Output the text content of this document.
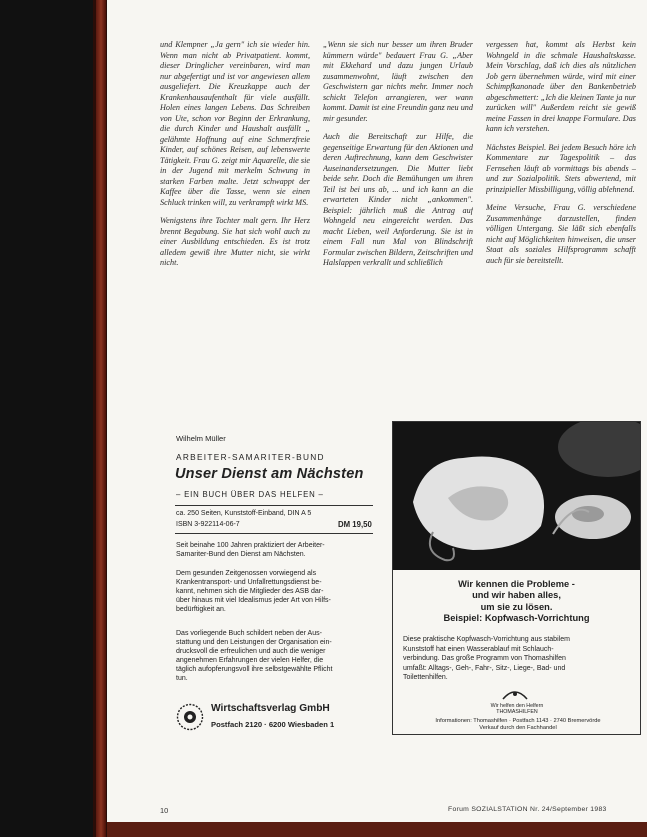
und Klempner „Ja gern" ich sie wieder hin. Wenn man nicht ab Privatpatient. kommt, dieser Dringlicher vereinbaren, wird man nur abgefertigt und ist vor angewiesen allem ausgeliefert. Die Kreuzkappe auch der Krankenhausaufenthalt für viele ausfällt. Holen eines langen Lebens. Das Schreiben von Ute, schon vor Beginn der Erkrankung, die durch Kinder und Haushalt ausfällt „ gelähmte Hoffnung auf eine Schmerzfreie Kinder, auf schönes Reisen, auf lebenswerte Tätigkeit. Frau G. zeigt mir Aquarelle, die sie in der Jugend mit merkelm Schwung in starken Farben malte. Jetzt schwappt der Kaffee über die Tasse, wenn sie einen Schluck trinken will, zu verkrampft wirkt MS.

Wenigstens ihre Tochter malt gern. Ihr Herz brennt Begabung. Sie hat sich wohl auch zu einer Ausbildung entschieden. Es ist trotz alledem gewiß ihre Mutter nicht, sie wirkt nicht.

„Wenn sie sich nur besser um ihren Bruder kümmern würde" bedauert Frau G. „Aber mit Ekkehard und dazu jungen Urlaub zusammenwohnt, läuft zwischen den Geschwistern gar nichts mehr. Immer noch schickt Telefon arrangieren, wer wann kommt. Damit ist eine Freundin ganz neu und mir gesunder.

Auch die Bereitschaft zur Hilfe, die gegenseitige Erwartung für den Aktionen und deren Auftrechnung, kann dem Geschwister Auseinandersetzungen. Die Mutter liebt beide sehr. Doch die Bemühungen um ihren Teil ist bei uns ab, ... und ich kann an die erwarteten Kinder nicht „ankommen". Beispiel: jährlich muß die Antrag auf Wohngeld neu eingereicht werden. Das macht Lieben, weil Anforderung. Sie ist in einem Fall nun Mal von Blindschrift Formular zwischen Bildern, Zeitschriften und Halslappen verkrallt und schließlich

vergessen hat, kommt als Herbst kein Wohngeld in die schmale Haushaltskasse. Mein Vorschlag, daß ich dies als nützlichen Job gern übernehmen würde, wird mit einer Schimpfkanonade über den Bankenbetrieb abgeschmettert: „Ich die kleinen Tante ja nur zurücken will" Außerdem reicht sie gewiß meine Fassen in drei knappe Formulare. Das kann ich verstehen.

Nächstes Beispiel. Bei jedem Besuch höre ich Kommentare zur Tagespolitik – das Fernsehen läuft ab vormittags bis abends – und zur Sozialpolitik. Stets abwertend, mit prinzipieller Missbilligung, völlig ablehnend.

Meine Versuche, Frau G. verschiedene Zusammenhänge darzustellen, finden völligen Untergang. Sie läßt sich ebenfalls nicht auf Möglichkeiten hinweisen, die unser Staat als soziales Hilfsprogramm schafft auch für sie bereitstellt.

Wilhelm Müller
ARBEITER-SAMARITER-BUND
Unser Dienst am Nächsten
– EIN BUCH ÜBER DAS HELFEN –
ca. 250 Seiten, Kunststoff-Einband, DIN A 5
ISBN 3-922114-06-7	DM 19,50
Seit beinahe 100 Jahren praktiziert der Arbeiter-
Samariter-Bund den Dienst am Nächsten.
Dem gesunden Zeitgenossen vorwiegend als
Krankentransport- und Unfallrettungsdienst be-
kannt, nehmen sich die Mitglieder des ASB dar-
über hinaus mit viel Idealismus jeder Art von Hilfs-
bedürftigkeit an.
Das vorliegende Buch schildert neben der Aus-
stattung und den Leistungen der Organisation ein-
drucksvoll die erfreulichen und auch die weniger
angenehmen Erfahrungen der vielen Helfer, die
täglich aufopferungsvoll ihre selbstgewählte Pflicht
tun.
Wirtschaftsverlag GmbH
Postfach 2120 · 6200 Wiesbaden 1
Wir kennen die Probleme -
und wir haben alles,
um sie zu lösen.
Beispiel: Kopfwasch-Vorrichtung
Diese praktische Kopfwasch-Vorrichtung aus stabilem
Kunststoff hat einen Wasserablauf mit Schlauch-
verbindung. Das große Programm von Thomashilfen
umfaßt: Alltags-, Geh-, Fahr-, Sitz-, Liege-, Bad- und
Toilettenhilfen.
Wir helfen den Helfern
THOMASHILFEN
Informationen: Thomashilfen · Postfach 1143 · 2740 Bremervörde
Verkauf durch den Fachhandel
10	Forum SOZIALSTATION Nr. 24/September 1983
